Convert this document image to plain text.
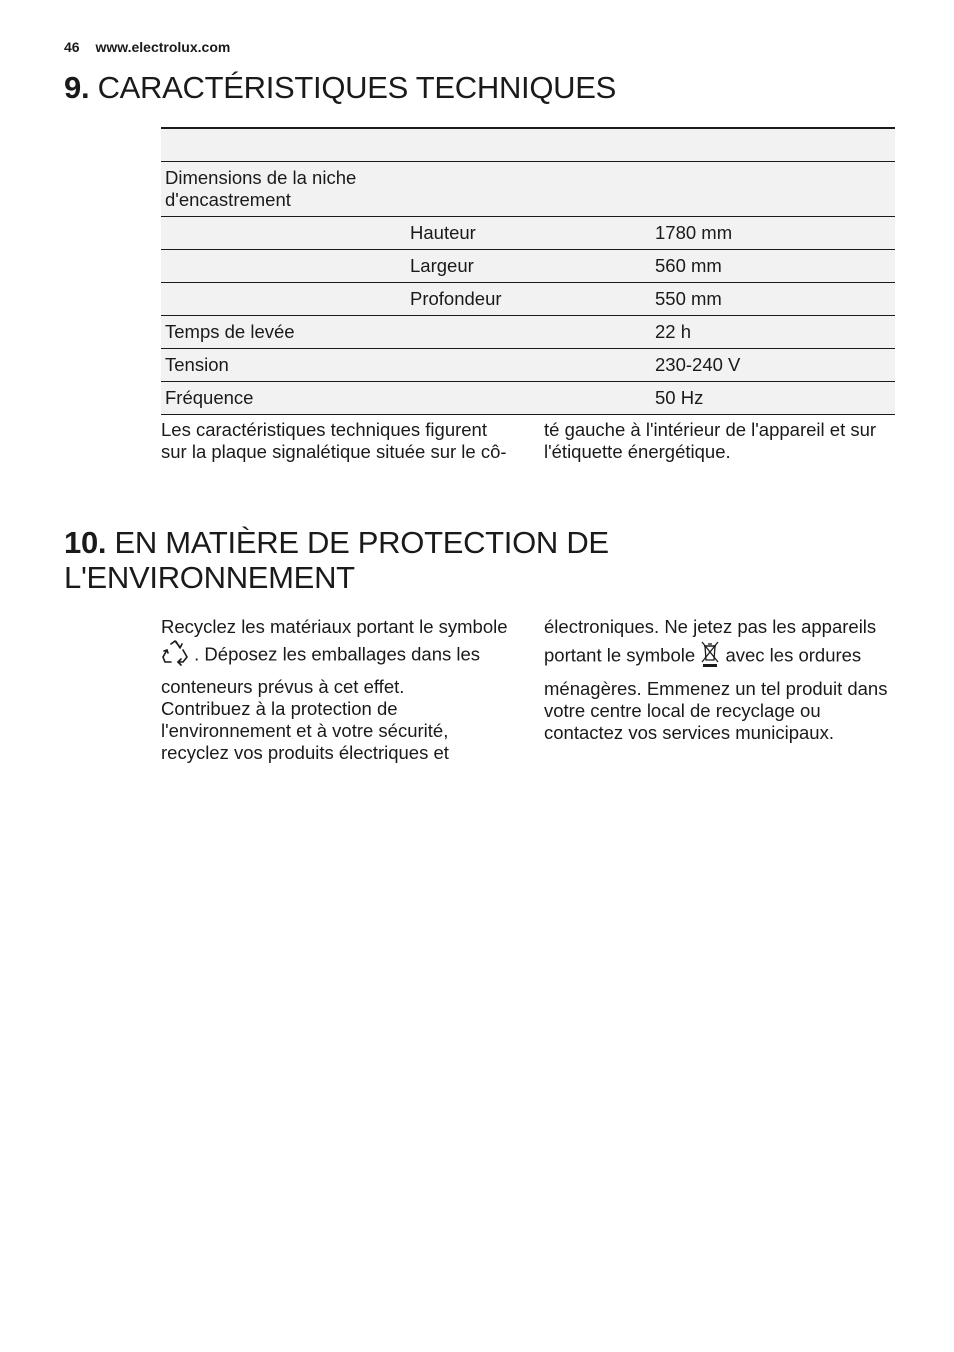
46 www.electrolux.com
9. CARACTÉRISTIQUES TECHNIQUES

Dimensions de la niche d'encastrement		
	Hauteur	1780 mm
	Largeur	560 mm
	Profondeur	550 mm
Temps de levée		22 h
Tension		230-240 V
Fréquence		50 Hz
Les caractéristiques techniques figurent sur la plaque signalétique située sur le cô-
té gauche à l'intérieur de l'appareil et sur l'étiquette énergétique.
10. EN MATIÈRE DE PROTECTION DE
L'ENVIRONNEMENT

Recyclez les matériaux portant le symbole

. Déposez les emballages dans les

conteneurs prévus à cet effet.

Contribuez à la protection de l'environnement et à votre sécurité, recyclez vos produits électriques et

électroniques. Ne jetez pas les appareils

portant le symbole avec les ordures

ménagères. Emmenez un tel produit dans votre centre local de recyclage ou contactez vos services municipaux.
